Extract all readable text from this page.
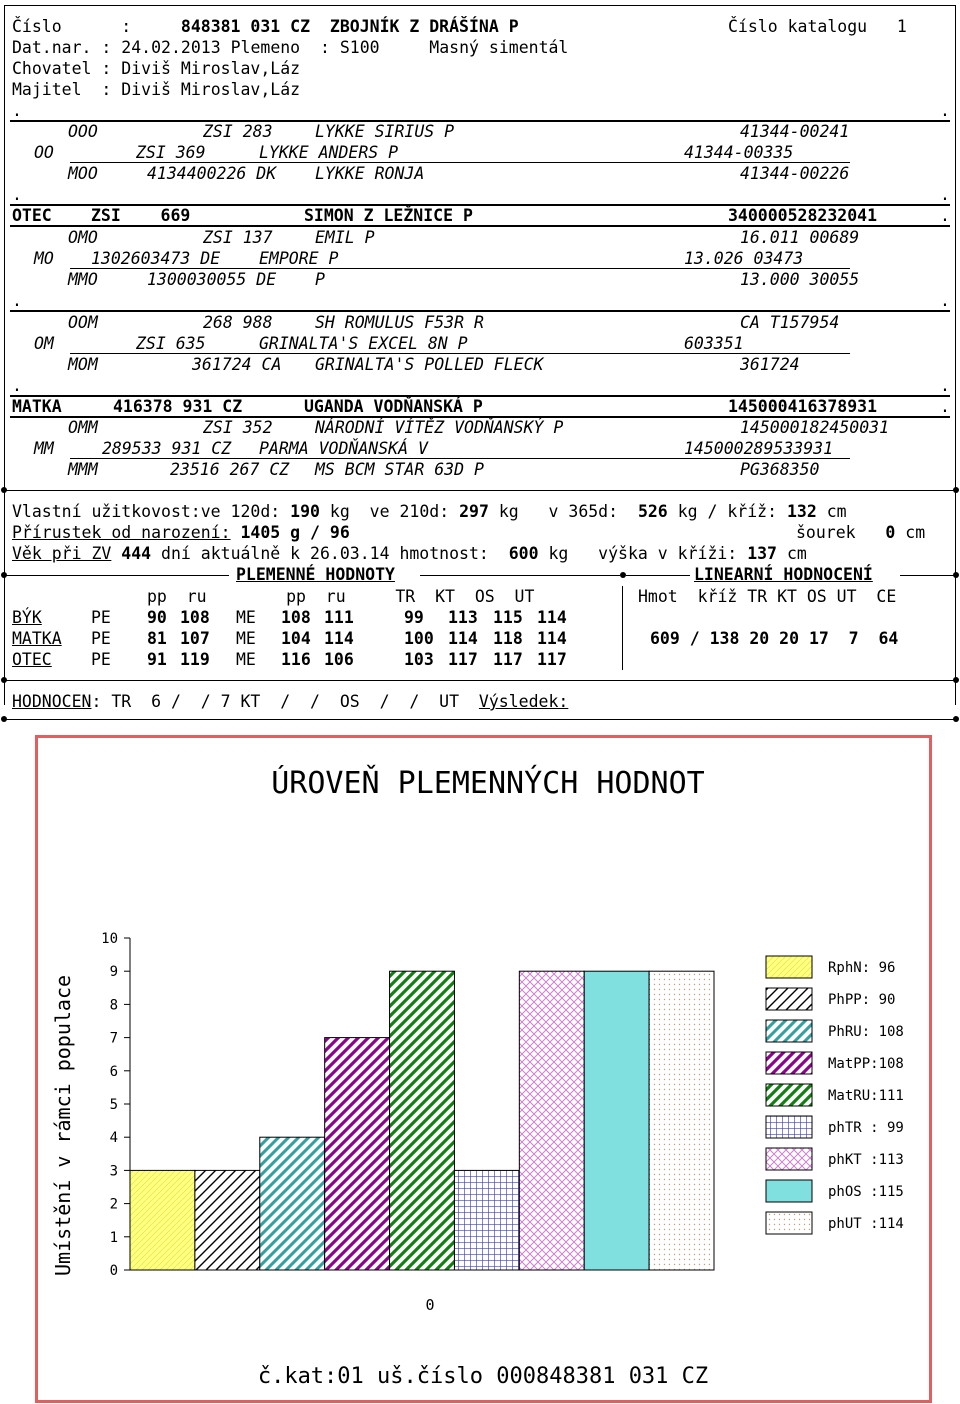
Číslo      :     848381 031 CZ ZBOJNÍK Z DRÁŠÍNA P	Číslo katalogu 1
Dat.nar. : 24.02.2013 Plemeno  : S100	Masný simentál
Chovatel : Diviš Miroslav,Láz
Majitel  : Diviš Miroslav,Láz
.	.
OOO	ZSI 283	LYKKE SIRIUS P	41344-00241
OO	ZSI 369	LYKKE ANDERS P	41344-00335
MOO	4134400226 DK LYKKE RONJA	41344-00226
.	.
OTEC ZSI    669	SIMON Z LEŽNICE P	340000528232041	.
OMO	ZSI 137	EMIL P	16.011 00689
MO 1302603473 DE EMPORE P	13.026 03473
MMO	1300030055 DE P	13.000 30055
.	.
OOM	268 988	SH ROMULUS F53R R	CA T157954
OM	ZSI 635	GRINALTA'S EXCEL 8N P	603351
MOM	361724 CA GRINALTA'S POLLED FLECK	361724
.	.
MATKA	416378 931 CZ	UGANDA VODŇANSKÁ P	145000416378931	.
OMM	ZSI 352	NÁRODNÍ VÍTĚZ VODŇANSKÝ P	145000182450031
MM	289533 931 CZ PARMA VODŇANSKÁ V	145000289533931
MMM	23516 267 CZ MS BCM STAR 63D P	PG368350
Vlastní užitkovost:ve 120d: 190 kg ve 210d: 297 kg v 365d: 526 kg / kříž: 132 cm
Přírustek od narození: 1405 g / 96	šourek 0 cm
Věk při ZV 444 dní aktuálně k 26.03.14 hmotnost: 600 kg výška v kříži: 137 cm
PLEMENNÉ HODNOTY	LINEARNÍ HODNOCENÍ
pp  ru        pp  ru     TR  KT  OS  UT	Hmot  kříž TR KT OS UT  CE
BÝK	PE 90 108 ME 108 111	99 113 115 114
MATKA PE 81 107 ME 104 114	100 114 118 114
OTEC PE 91 119 ME 116 106	103 117 117 117
609 / 138 20 20 17  7  64
HODNOCEN: TR  6 /  / 7 KT  /  /  OS  /  /  UT Výsledek:
ÚROVEŇ PLEMENNÝCH HODNOT
Umístění v rámci populace 0
1
2
3
4
5
6
7
8
9
10
0
RphN: 96
PhPP: 90
PhRU: 108
MatPP:108
MatRU:111
phTR : 99
phKT :113
phOS :115
phUT :114
č.kat:01 uš.číslo 000848381 031 CZ
